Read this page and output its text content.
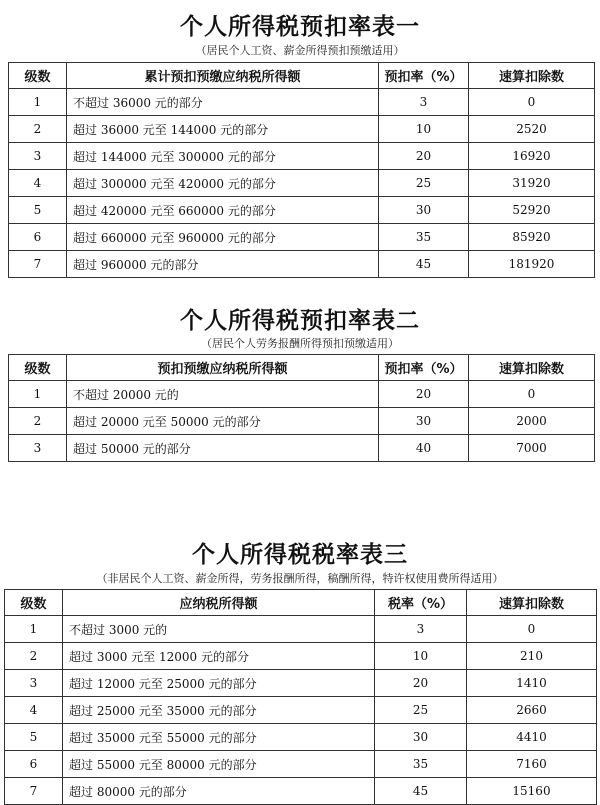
个人所得税预扣率表一
（居民个人工资、薪金所得预扣预缴适用）
级数	累计预扣预缴应纳税所得额	预扣率（%）	速算扣除数
1	不超过 36000 元的部分	3	0
2	超过 36000 元至 144000 元的部分	10	2520
3	超过 144000 元至 300000 元的部分	20	16920
4	超过 300000 元至 420000 元的部分	25	31920
5	超过 420000 元至 660000 元的部分	30	52920
6	超过 660000 元至 960000 元的部分	35	85920
7	超过 960000 元的部分	45	181920
个人所得税预扣率表二
（居民个人劳务报酬所得预扣预缴适用）
级数	预扣预缴应纳税所得额	预扣率（%）	速算扣除数
1	不超过 20000 元的	20	0
2	超过 20000 元至 50000 元的部分	30	2000
3	超过 50000 元的部分	40	7000
个人所得税税率表三
（非居民个人工资、薪金所得，劳务报酬所得，稿酬所得，特许权使用费所得适用）
级数	应纳税所得额	税率（%）	速算扣除数
1	不超过 3000 元的	3	0
2	超过 3000 元至 12000 元的部分	10	210
3	超过 12000 元至 25000 元的部分	20	1410
4	超过 25000 元至 35000 元的部分	25	2660
5	超过 35000 元至 55000 元的部分	30	4410
6	超过 55000 元至 80000 元的部分	35	7160
7	超过 80000 元的部分	45	15160
